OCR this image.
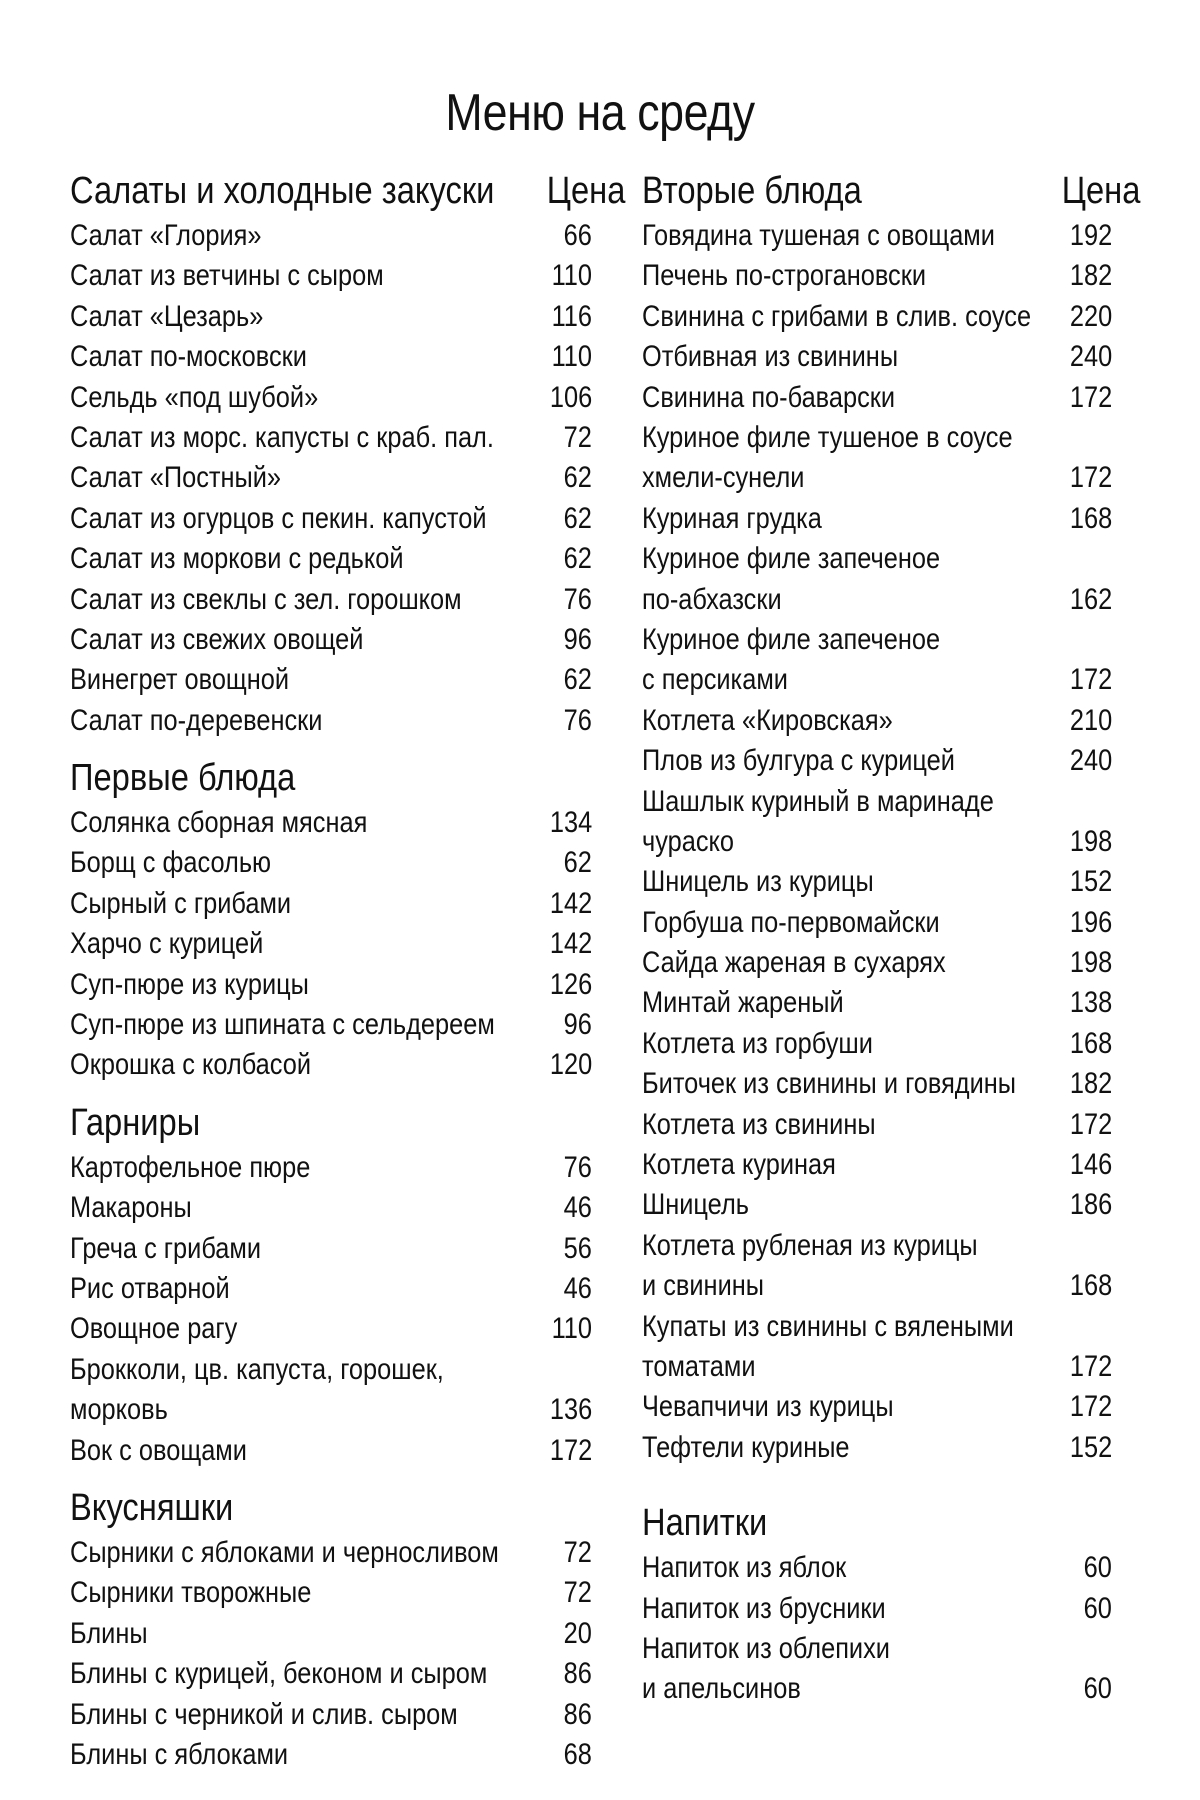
Меню на среду
Салаты и холодные закуски Цена
Салат «Глория»	66
Салат из ветчины с сыром	110
Салат «Цезарь»	116
Салат по-московски	110
Сельдь «под шубой»	106
Салат из морс. капусты с краб. пал. 72
Салат «Постный»	62
Салат из огурцов с пекин. капустой	62
Салат из моркови с редькой	62
Салат из свеклы с зел. горошком	76
Салат из свежих овощей	96
Винегрет овощной	62
Салат по-деревенски	76
Первые блюда
Солянка сборная мясная	134
Борщ с фасолью	62
Сырный с грибами	142
Харчо с курицей	142
Суп-пюре из курицы	126
Суп-пюре из шпината с сельдереем 96
Окрошка с колбасой	120
Гарниры
Картофельное пюре	76
Макароны	46
Греча с грибами	56
Рис отварной	46
Овощное рагу	110
Брокколи, цв. капуста, горошек,
морковь	136
Вок с овощами	172
Вкусняшки
Сырники с яблоками и черносливом 72
Сырники творожные	72
Блины	20
Блины с курицей, беконом и сыром	86
Блины с черникой и слив. сыром	86
Блины с яблоками	68
Вторые блюда	Цена
Говядина тушеная с овощами	192
Печень по-строгановски	182
Свинина с грибами в слив. соусе	220
Отбивная из свинины	240
Свинина по-баварски	172
Куриное филе тушеное в соусе
хмели-сунели	172
Куриная грудка	168
Куриное филе запеченое
по-абхазски	162
Куриное филе запеченое
с персиками	172
Котлета «Кировская»	210
Плов из булгура с курицей	240
Шашлык куриный в маринаде
чураско	198
Шницель из курицы	152
Горбуша по-первомайски	196
Сайда жареная в сухарях	198
Минтай жареный	138
Котлета из горбуши	168
Биточек из свинины и говядины	182
Котлета из свинины	172
Котлета куриная	146
Шницель	186
Котлета рубленая из курицы
и свинины	168
Купаты из свинины с вялеными
томатами	172
Чевапчичи из курицы	172
Тефтели куриные	152
Напитки
Напиток из яблок	60
Напиток из брусники	60
Напиток из облепихи
и апельсинов	60
